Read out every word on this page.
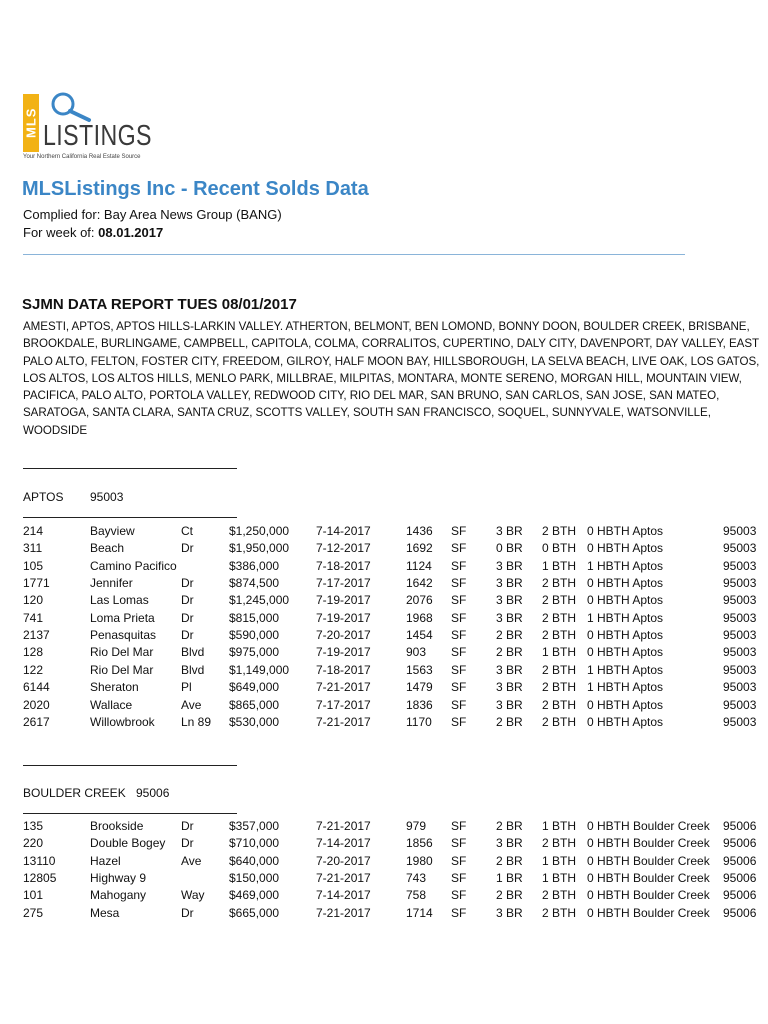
MLS LISTINGS
Your Northern California Real Estate Source
MLSListings Inc - Recent Solds Data
Complied for: Bay Area News Group (BANG)
For week of: 08.01.2017
SJMN DATA REPORT TUES 08/01/2017
AMESTI, APTOS, APTOS HILLS-LARKIN VALLEY. ATHERTON, BELMONT, BEN LOMOND, BONNY DOON, BOULDER CREEK, BRISBANE, BROOKDALE, BURLINGAME, CAMPBELL, CAPITOLA, COLMA, CORRALITOS, CUPERTINO, DALY CITY, DAVENPORT, DAY VALLEY, EAST PALO ALTO, FELTON, FOSTER CITY, FREEDOM, GILROY, HALF MOON BAY, HILLSBOROUGH, LA SELVA BEACH, LIVE OAK, LOS GATOS, LOS ALTOS, LOS ALTOS HILLS, MENLO PARK, MILLBRAE, MILPITAS, MONTARA, MONTE SERENO, MORGAN HILL, MOUNTAIN VIEW, PACIFICA, PALO ALTO, PORTOLA VALLEY, REDWOOD CITY, RIO DEL MAR, SAN BRUNO, SAN CARLOS, SAN JOSE, SAN MATEO, SARATOGA, SANTA CLARA, SANTA CRUZ, SCOTTS VALLEY, SOUTH SAN FRANCISCO, SOQUEL, SUNNYVALE, WATSONVILLE, WOODSIDE
APTOS 95003
214	Bayview	Ct	$1,250,000 7-14-2017	1436 SF 3 BR 2 BTH 0 HBTH Aptos	95003
311	Beach	Dr	$1,950,000 7-12-2017	1692 SF 0 BR 0 BTH 0 HBTH Aptos	95003
105	Camino Pacifico	$386,000	7-18-2017	1124 SF 3 BR 1 BTH 1 HBTH Aptos	95003
1771	Jennifer	Dr	$874,500	7-17-2017	1642 SF 3 BR 2 BTH 0 HBTH Aptos	95003
120	Las Lomas	Dr	$1,245,000 7-19-2017	2076 SF 3 BR 2 BTH 0 HBTH Aptos	95003
741	Loma Prieta Dr	$815,000	7-19-2017	1968 SF 3 BR 2 BTH 1 HBTH Aptos	95003
2137	Penasquitas Dr	$590,000	7-20-2017	1454 SF 2 BR 2 BTH 0 HBTH Aptos	95003
128	Rio Del Mar Blvd $975,000	7-19-2017	903 SF 2 BR 1 BTH 0 HBTH Aptos	95003
122	Rio Del Mar Blvd $1,149,000 7-18-2017	1563 SF 3 BR 2 BTH 1 HBTH Aptos	95003
6144	Sheraton	Pl	$649,000	7-21-2017	1479 SF 3 BR 2 BTH 1 HBTH Aptos	95003
2020	Wallace	Ave $865,000	7-17-2017	1836 SF 3 BR 2 BTH 0 HBTH Aptos	95003
2617	Willowbrook Ln 89 $530,000	7-21-2017	1170 SF 2 BR 2 BTH 0 HBTH Aptos	95003
BOULDER CREEK 95006
135	Brookside	Dr	$357,000	7-21-2017	979 SF 2 BR 1 BTH 0 HBTH Boulder Creek 95006
220	Double Bogey Dr	$710,000	7-14-2017	1856 SF 3 BR 2 BTH 0 HBTH Boulder Creek 95006
13110	Hazel	Ave $640,000	7-20-2017	1980 SF 2 BR 1 BTH 0 HBTH Boulder Creek 95006
12805	Highway 9	$150,000	7-21-2017	743 SF 1 BR 1 BTH 0 HBTH Boulder Creek 95006
101	Mahogany	Way $469,000	7-14-2017	758 SF 2 BR 2 BTH 0 HBTH Boulder Creek 95006
275	Mesa	Dr	$665,000	7-21-2017	1714 SF 3 BR 2 BTH 0 HBTH Boulder Creek 95006
